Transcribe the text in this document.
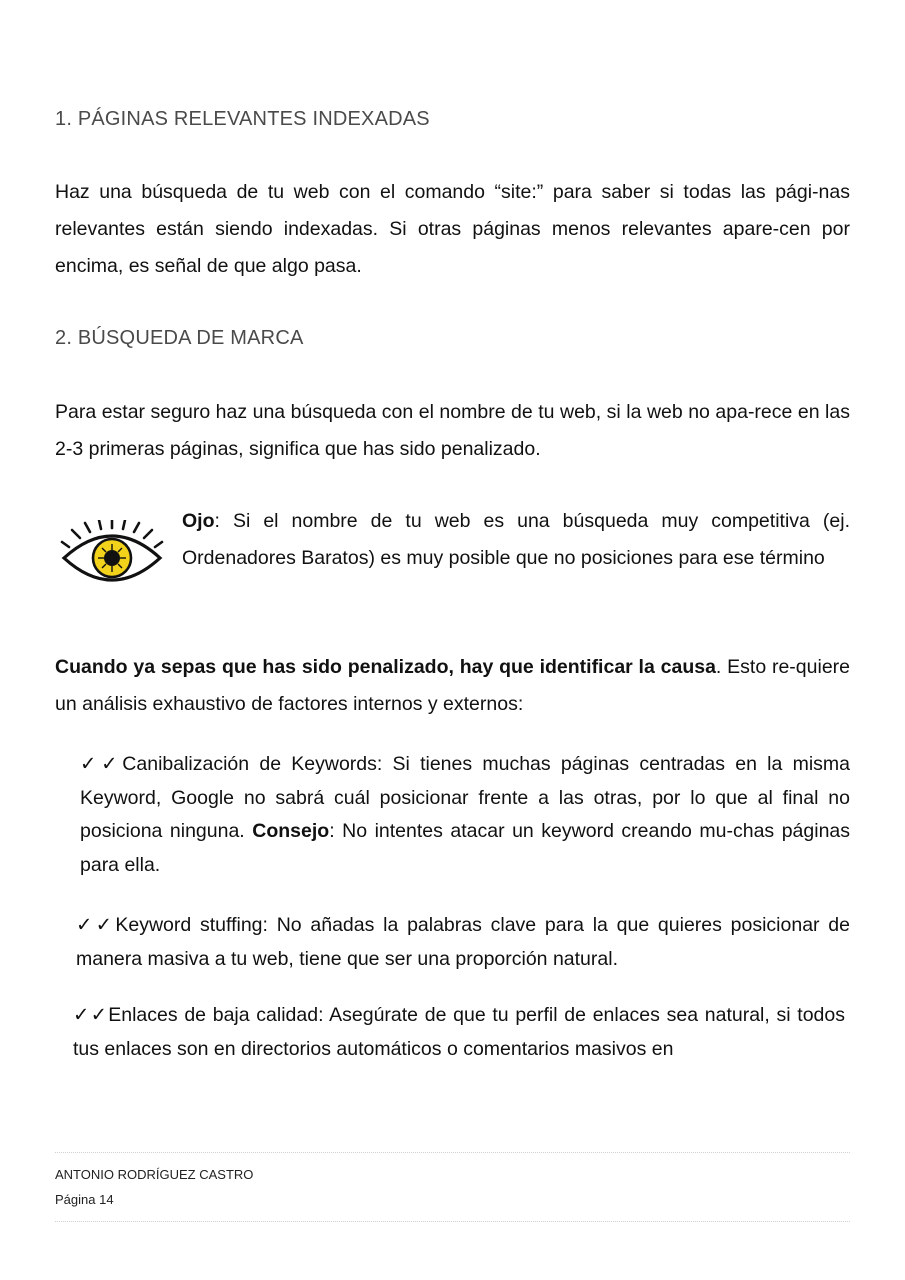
1. PÁGINAS RELEVANTES INDEXADAS

Haz una búsqueda de tu web con el comando “site:” para saber si todas las pági-nas relevantes están siendo indexadas. Si otras páginas menos relevantes apare-cen por encima, es señal de que algo pasa.

2. BÚSQUEDA DE MARCA

Para estar seguro haz una búsqueda con el nombre de tu web, si la web no apa-rece en las 2-3 primeras páginas, significa que has sido penalizado.

Ojo: Si el nombre de tu web es una búsqueda muy competitiva (ej. Ordenadores Baratos) es muy posible que no posiciones para ese término

Cuando ya sepas que has sido penalizado, hay que identificar la causa. Esto re-quiere un análisis exhaustivo de factores internos y externos:

✓✓Canibalización de Keywords: Si tienes muchas páginas centradas en la misma Keyword, Google no sabrá cuál posicionar frente a las otras, por lo que al final no posiciona ninguna. Consejo: No intentes atacar un keyword creando mu-chas páginas para ella.

✓✓Keyword stuffing: No añadas la palabras clave para la que quieres posicionar de manera masiva a tu web, tiene que ser una proporción natural.

✓✓Enlaces de baja calidad: Asegúrate de que tu perfil de enlaces sea natural, si todos tus enlaces son en directorios automáticos o comentarios masivos en

ANTONIO RODRÍGUEZ CASTRO

Página 14
